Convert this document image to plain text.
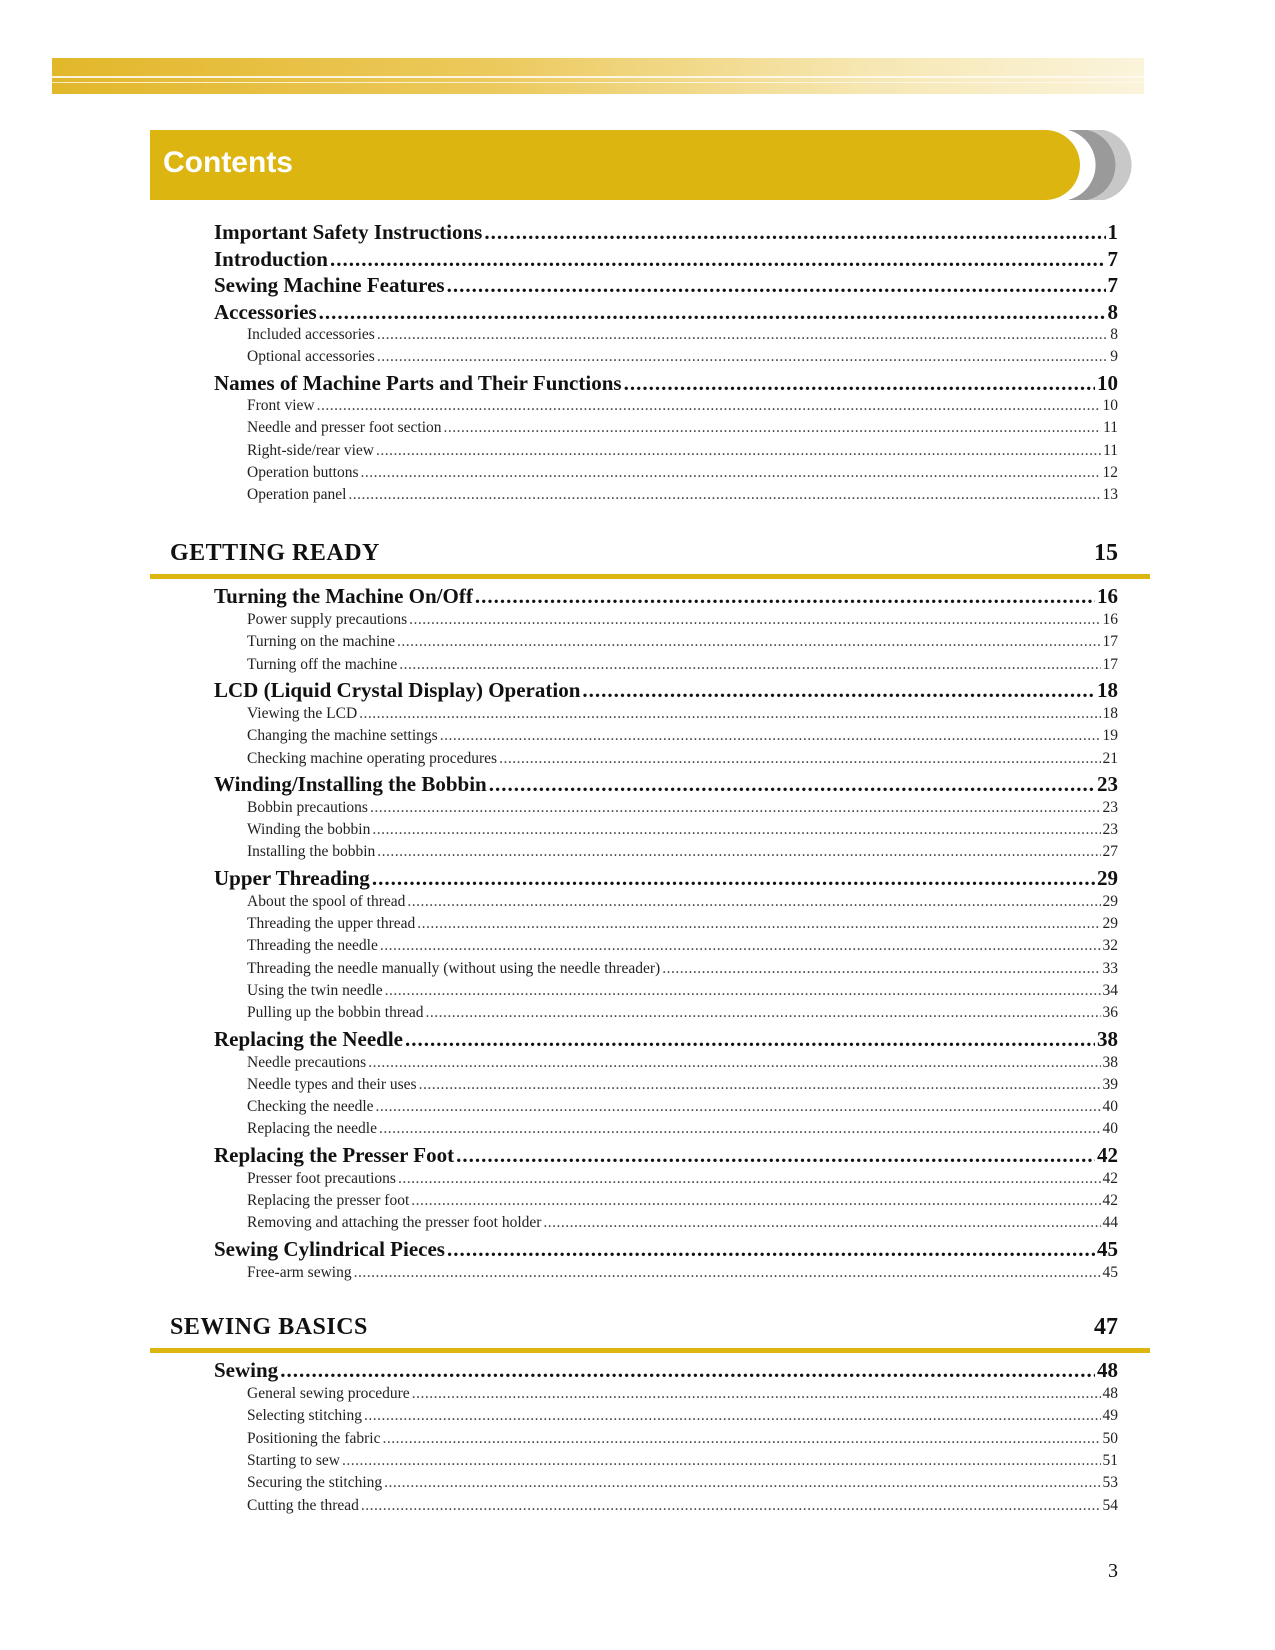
Contents
Important Safety Instructions .....	1
Introduction .....	7
Sewing Machine Features .....	7
Accessories .....	8
Included accessories .....	8
Optional accessories .....	9
Names of Machine Parts and Their Functions .....	10
Front view .....	10
Needle and presser foot section .....	11
Right-side/rear view .....	11
Operation buttons .....	12
Operation panel .....	13
GETTING READY	15
Turning the Machine On/Off .....	16
Power supply precautions .....	16
Turning on the machine .....	17
Turning off the machine .....	17
LCD (Liquid Crystal Display) Operation .....	18
Viewing the LCD .....	18
Changing the machine settings .....	19
Checking machine operating procedures .....	21
Winding/Installing the Bobbin .....	23
Bobbin precautions .....	23
Winding the bobbin .....	23
Installing the bobbin .....	27
Upper Threading .....	29
About the spool of thread .....	29
Threading the upper thread .....	29
Threading the needle .....	32
Threading the needle manually (without using the needle threader) .....	33
Using the twin needle .....	34
Pulling up the bobbin thread .....	36
Replacing the Needle .....	38
Needle precautions .....	38
Needle types and their uses .....	39
Checking the needle .....	40
Replacing the needle .....	40
Replacing the Presser Foot .....	42
Presser foot precautions .....	42
Replacing the presser foot .....	42
Removing and attaching the presser foot holder .....	44
Sewing Cylindrical Pieces .....	45
Free-arm sewing .....	45
SEWING BASICS	47
Sewing .....	48
General sewing procedure .....	48
Selecting stitching .....	49
Positioning the fabric .....	50
Starting to sew .....	51
Securing the stitching .....	53
Cutting the thread .....	54
3
